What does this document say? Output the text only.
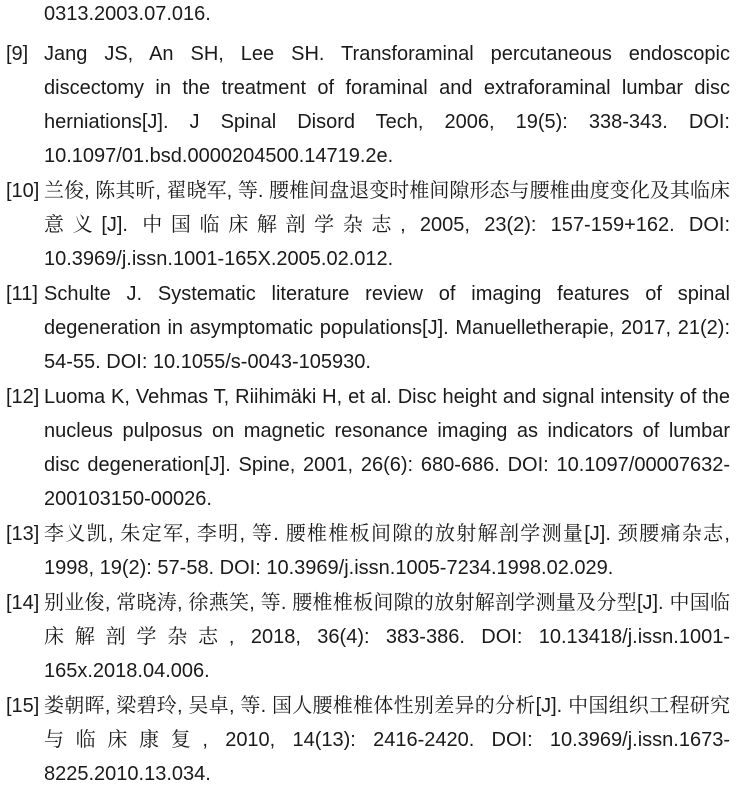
0313.2003.07.016.
[9] Jang JS, An SH, Lee SH. Transforaminal percutaneous endoscopic discectomy in the treatment of foraminal and extraforaminal lumbar disc herniations[J]. J Spinal Disord Tech, 2006, 19(5): 338-343. DOI: 10.1097/01.bsd.0000204500.14719.2e.
[10] 兰俊, 陈其昕, 翟晓军, 等. 腰椎间盘退变时椎间隙形态与腰椎曲度变化及其临床意义[J]. 中国临床解剖学杂志, 2005, 23(2): 157-159+162. DOI: 10.3969/j.issn.1001-165X.2005.02.012.
[11] Schulte J. Systematic literature review of imaging features of spinal degeneration in asymptomatic populations[J]. Manuelletherapie, 2017, 21(2): 54-55. DOI: 10.1055/s-0043-105930.
[12] Luoma K, Vehmas T, Riihimäki H, et al. Disc height and signal intensity of the nucleus pulposus on magnetic resonance imaging as indicators of lumbar disc degeneration[J]. Spine, 2001, 26(6): 680-686. DOI: 10.1097/00007632-200103150-00026.
[13] 李义凯, 朱定军, 李明, 等. 腰椎椎板间隙的放射解剖学测量[J]. 颈腰痛杂志, 1998, 19(2): 57-58. DOI: 10.3969/j.issn.1005-7234.1998.02.029.
[14] 别业俊, 常晓涛, 徐燕笑, 等. 腰椎椎板间隙的放射解剖学测量及分型[J]. 中国临床解剖学杂志, 2018, 36(4): 383-386. DOI: 10.13418/j.issn.1001-165x.2018.04.006.
[15] 娄朝晖, 梁碧玲, 吴卓, 等. 国人腰椎椎体性别差异的分析[J]. 中国组织工程研究与临床康复, 2010, 14(13): 2416-2420. DOI: 10.3969/j.issn.1673-8225.2010.13.034.
